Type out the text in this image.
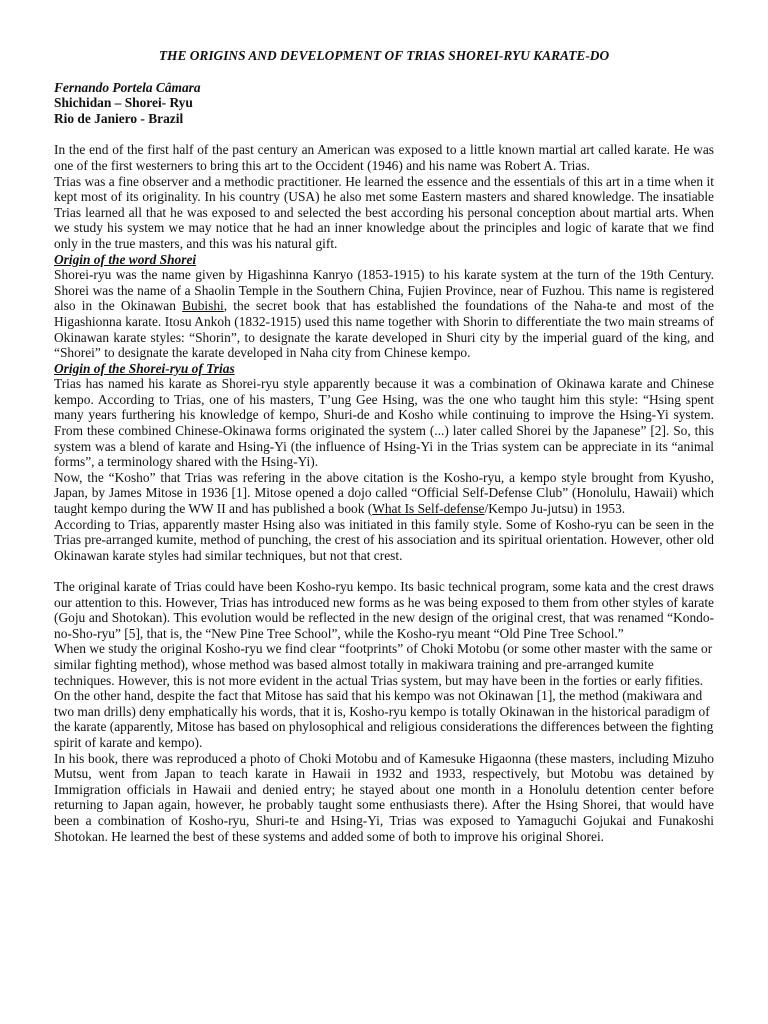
THE ORIGINS AND DEVELOPMENT OF TRIAS SHOREI-RYU KARATE-DO
Fernando Portela Câmara
Shichidan – Shorei- Ryu
Rio de Janiero - Brazil

In the end of the first half of the past century an American was exposed to a little known martial art called karate. He was one of the first westerners to bring this art to the Occident (1946) and his name was Robert A. Trias.

Trias was a fine observer and a methodic practitioner. He learned the essence and the essentials of this art in a time when it kept most of its originality. In his country (USA) he also met some Eastern masters and shared knowledge. The insatiable Trias learned all that he was exposed to and selected the best according his personal conception about martial arts. When we study his system we may notice that he had an inner knowledge about the principles and logic of karate that we find only in the true masters, and this was his natural gift.

Origin of the word Shorei

Shorei-ryu was the name given by Higashinna Kanryo (1853-1915) to his karate system at the turn of the 19th Century. Shorei was the name of a Shaolin Temple in the Southern China, Fujien Province, near of Fuzhou. This name is registered also in the Okinawan Bubishi, the secret book that has established the foundations of the Naha-te and most of the Higashionna karate. Itosu Ankoh (1832-1915) used this name together with Shorin to differentiate the two main streams of Okinawan karate styles: “Shorin”, to designate the karate developed in Shuri city by the imperial guard of the king, and “Shorei” to designate the karate developed in Naha city from Chinese kempo.

Origin of the Shorei-ryu of Trias

Trias has named his karate as Shorei-ryu style apparently because it was a combination of Okinawa karate and Chinese kempo. According to Trias, one of his masters, T’ung Gee Hsing, was the one who taught him this style: “Hsing spent many years furthering his knowledge of kempo, Shuri-de and Kosho while continuing to improve the Hsing-Yi system. From these combined Chinese-Okinawa forms originated the system (...) later called Shorei by the Japanese” [2]. So, this system was a blend of karate and Hsing-Yi (the influence of Hsing-Yi in the Trias system can be appreciate in its “animal forms”, a terminology shared with the Hsing-Yi).

Now, the “Kosho” that Trias was refering in the above citation is the Kosho-ryu, a kempo style brought from Kyusho, Japan, by James Mitose in 1936 [1]. Mitose opened a dojo called “Official Self-Defense Club” (Honolulu, Hawaii) which taught kempo during the WW II and has published a book (What Is Self-defense/Kempo Ju-jutsu) in 1953.

According to Trias, apparently master Hsing also was initiated in this family style. Some of Kosho-ryu can be seen in the Trias pre-arranged kumite, method of punching, the crest of his association and its spiritual orientation. However, other old Okinawan karate styles had similar techniques, but not that crest.

The original karate of Trias could have been Kosho-ryu kempo. Its basic technical program, some kata and the crest draws our attention to this. However, Trias has introduced new forms as he was being exposed to them from other styles of karate (Goju and Shotokan). This evolution would be reflected in the new design of the original crest, that was renamed “Kondo-no-Sho-ryu” [5], that is, the “New Pine Tree School”, while the Kosho-ryu meant “Old Pine Tree School.”

When we study the original Kosho-ryu we find clear “footprints” of Choki Motobu (or some other master with the same or similar fighting method), whose method was based almost totally in makiwara training and pre-arranged kumite techniques. However, this is not more evident in the actual Trias system, but may have been in the forties or early fifities. On the other hand, despite the fact that Mitose has said that his kempo was not Okinawan [1], the method (makiwara and two man drills) deny emphatically his words, that it is, Kosho-ryu kempo is totally Okinawan in the historical paradigm of the karate (apparently, Mitose has based on phylosophical and religious considerations the differences between the fighting spirit of karate and kempo).

In his book, there was reproduced a photo of Choki Motobu and of Kamesuke Higaonna (these masters, including Mizuho Mutsu, went from Japan to teach karate in Hawaii in 1932 and 1933, respectively, but Motobu was detained by Immigration officials in Hawaii and denied entry; he stayed about one month in a Honolulu detention center before returning to Japan again, however, he probably taught some enthusiasts there). After the Hsing Shorei, that would have been a combination of Kosho-ryu, Shuri-te and Hsing-Yi, Trias was exposed to Yamaguchi Gojukai and Funakoshi Shotokan. He learned the best of these systems and added some of both to improve his original Shorei.
